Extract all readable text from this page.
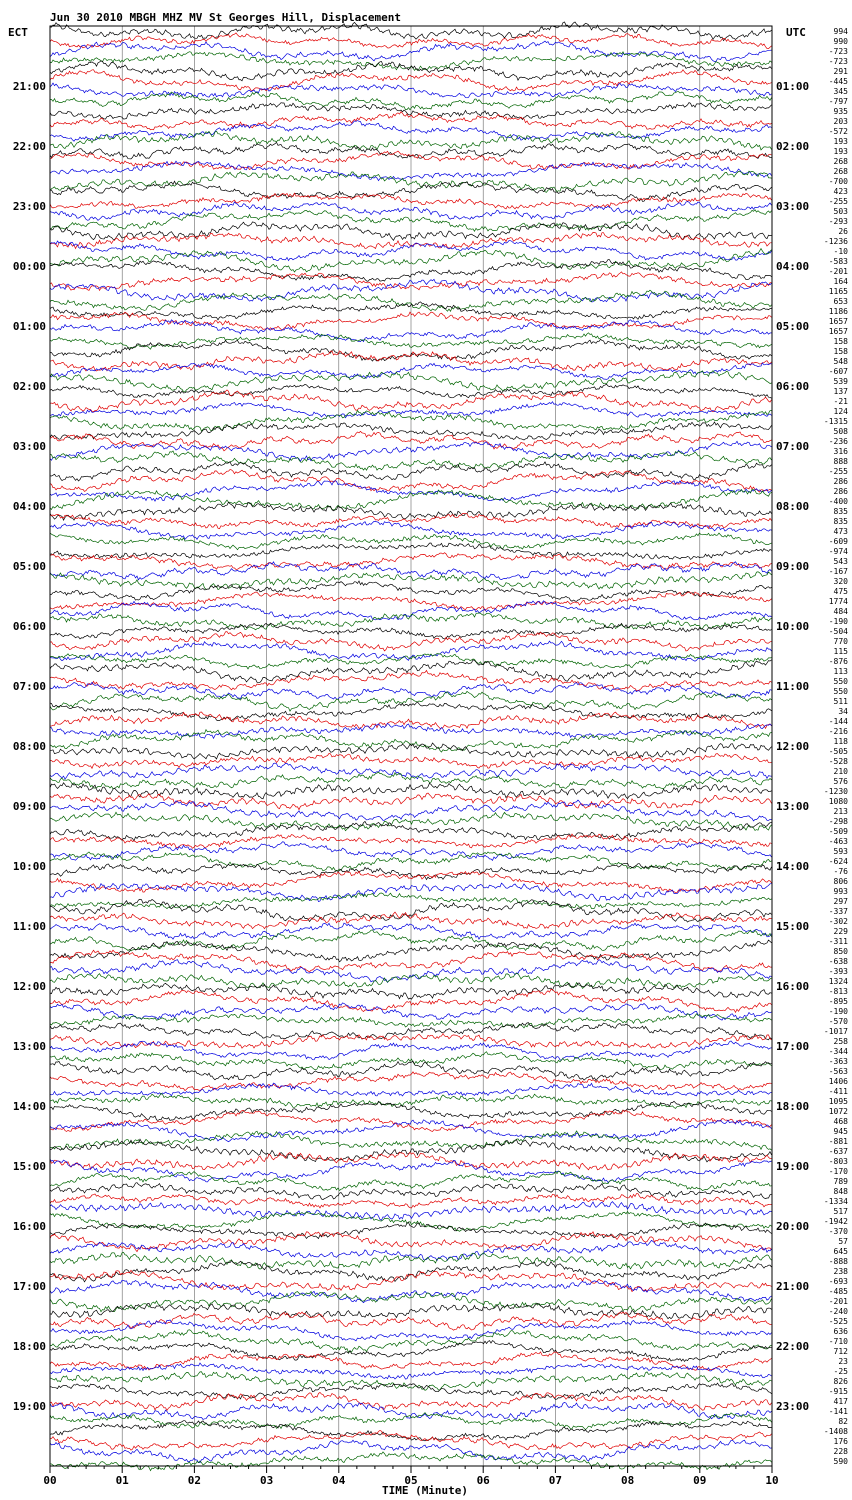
Jun 30 2010 MBGH MHZ MV St Georges Hill, Displacement
ECT	UTC
21:00
22:00
23:00
00:00
01:00
02:00
03:00
04:00
05:00
06:00
07:00
08:00
09:00
10:00
11:00
12:00
13:00
14:00
15:00
16:00
17:00
18:00
19:00
01:00
02:00
03:00
04:00
05:00
06:00
07:00
08:00
09:00
10:00
11:00
12:00
13:00
14:00
15:00
16:00
17:00
18:00
19:00
20:00
21:00
22:00
23:00
994
990
-723
-723
291
-445
345
-797
935
203
-572
193
193
268
268
-700
423
-255
503
-293
26
-1236
-10
-583
-201
164
1165
653
1186
1657
1657
158
158
548
-607
539
137
-21
124
-1315
508
-236
316
888
-255
286
286
-400
835
835
473
-609
-974
543
-167
320
475
1774
484
-190
-504
770
115
-876
113
550
550
511
34
-144
-216
118
-505
-528
210
576
-1230
1080
213
-298
-509
-463
593
-624
-76
806
993
297
-337
-302
229
-311
850
-638
-393
1324
-813
-895
-190
-570
-1017
258
-344
-363
-563
1406
-411
1095
1072
468
945
-881
-637
-803
-170
789
848
-1334
517
-1942
-370
57
645
-888
238
-693
-485
-201
-240
-525
636
-710
712
23
-25
826
-915
417
-141
82
-1408
176
228
590
00	01	02	03	04	05	06	07	08	09	10
TIME (Minute)
